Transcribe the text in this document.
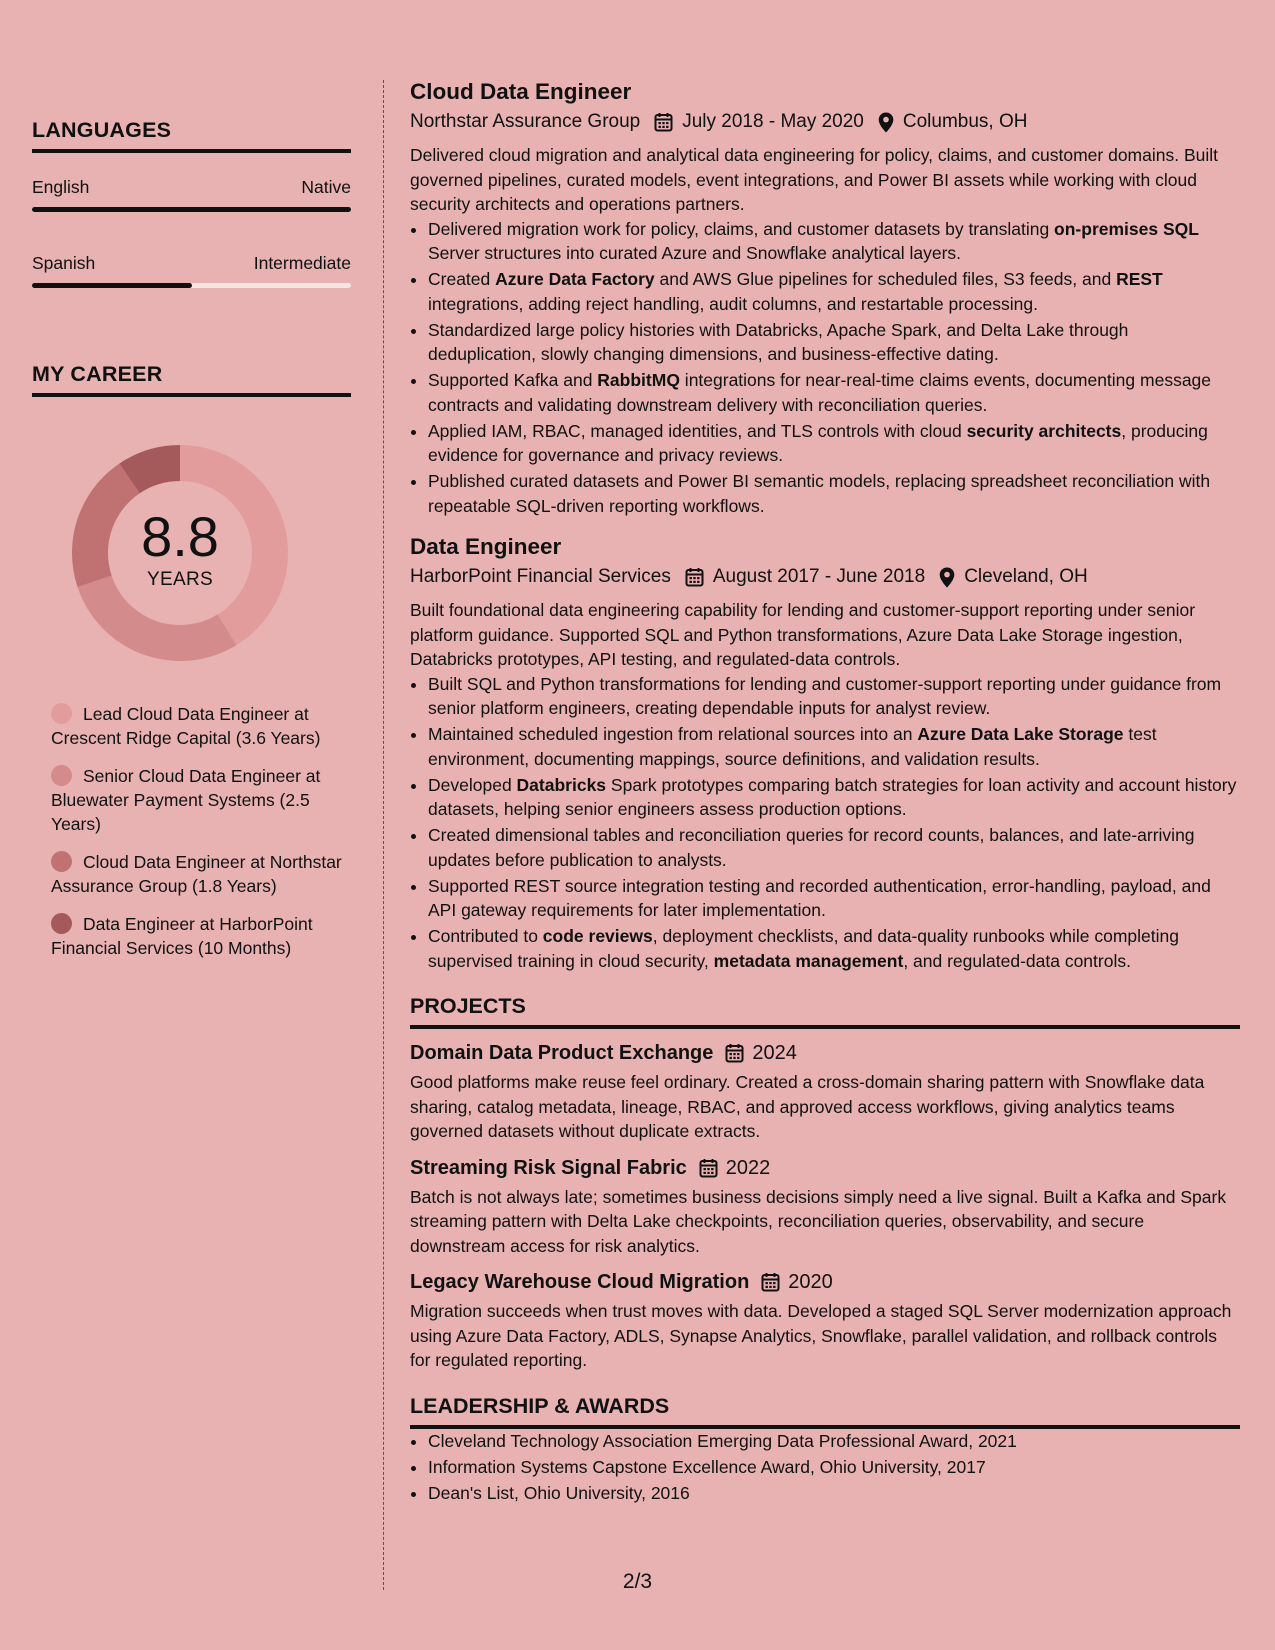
LANGUAGES
English	Native
Spanish	Intermediate
MY CAREER
8.8
YEARS
Lead Cloud Data Engineer at Crescent Ridge Capital (3.6 Years)
Senior Cloud Data Engineer at Bluewater Payment Systems (2.5 Years)
Cloud Data Engineer at Northstar Assurance Group (1.8 Years)
Data Engineer at HarborPoint Financial Services (10 Months)
Cloud Data Engineer
Northstar Assurance Group July 2018 - May 2020 Columbus, OH

Delivered cloud migration and analytical data engineering for policy, claims, and customer domains. Built governed pipelines, curated models, event integrations, and Power BI assets while working with cloud security architects and operations partners.

• Delivered migration work for policy, claims, and customer datasets by translating on-premises SQL Server structures into curated Azure and Snowflake analytical layers.
• Created Azure Data Factory and AWS Glue pipelines for scheduled files, S3 feeds, and REST integrations, adding reject handling, audit columns, and restartable processing.
• Standardized large policy histories with Databricks, Apache Spark, and Delta Lake through deduplication, slowly changing dimensions, and business-effective dating.
• Supported Kafka and RabbitMQ integrations for near-real-time claims events, documenting message contracts and validating downstream delivery with reconciliation queries.
• Applied IAM, RBAC, managed identities, and TLS controls with cloud security architects, producing evidence for governance and privacy reviews.
• Published curated datasets and Power BI semantic models, replacing spreadsheet reconciliation with repeatable SQL-driven reporting workflows.
Data Engineer
HarborPoint Financial Services August 2017 - June 2018 Cleveland, OH

Built foundational data engineering capability for lending and customer-support reporting under senior platform guidance. Supported SQL and Python transformations, Azure Data Lake Storage ingestion, Databricks prototypes, API testing, and regulated-data controls.

• Built SQL and Python transformations for lending and customer-support reporting under guidance from senior platform engineers, creating dependable inputs for analyst review.
• Maintained scheduled ingestion from relational sources into an Azure Data Lake Storage test environment, documenting mappings, source definitions, and validation results.
• Developed Databricks Spark prototypes comparing batch strategies for loan activity and account history datasets, helping senior engineers assess production options.
• Created dimensional tables and reconciliation queries for record counts, balances, and late-arriving updates before publication to analysts.
• Supported REST source integration testing and recorded authentication, error-handling, payload, and API gateway requirements for later implementation.
• Contributed to code reviews, deployment checklists, and data-quality runbooks while completing supervised training in cloud security, metadata management, and regulated-data controls.
PROJECTS
Domain Data Product Exchange 2024

Good platforms make reuse feel ordinary. Created a cross-domain sharing pattern with Snowflake data sharing, catalog metadata, lineage, RBAC, and approved access workflows, giving analytics teams governed datasets without duplicate extracts.

Streaming Risk Signal Fabric 2022

Batch is not always late; sometimes business decisions simply need a live signal. Built a Kafka and Spark streaming pattern with Delta Lake checkpoints, reconciliation queries, observability, and secure downstream access for risk analytics.

Legacy Warehouse Cloud Migration 2020

Migration succeeds when trust moves with data. Developed a staged SQL Server modernization approach using Azure Data Factory, ADLS, Synapse Analytics, Snowflake, parallel validation, and rollback controls for regulated reporting.

LEADERSHIP & AWARDS
• Cleveland Technology Association Emerging Data Professional Award, 2021
• Information Systems Capstone Excellence Award, Ohio University, 2017
• Dean's List, Ohio University, 2016
2/3
